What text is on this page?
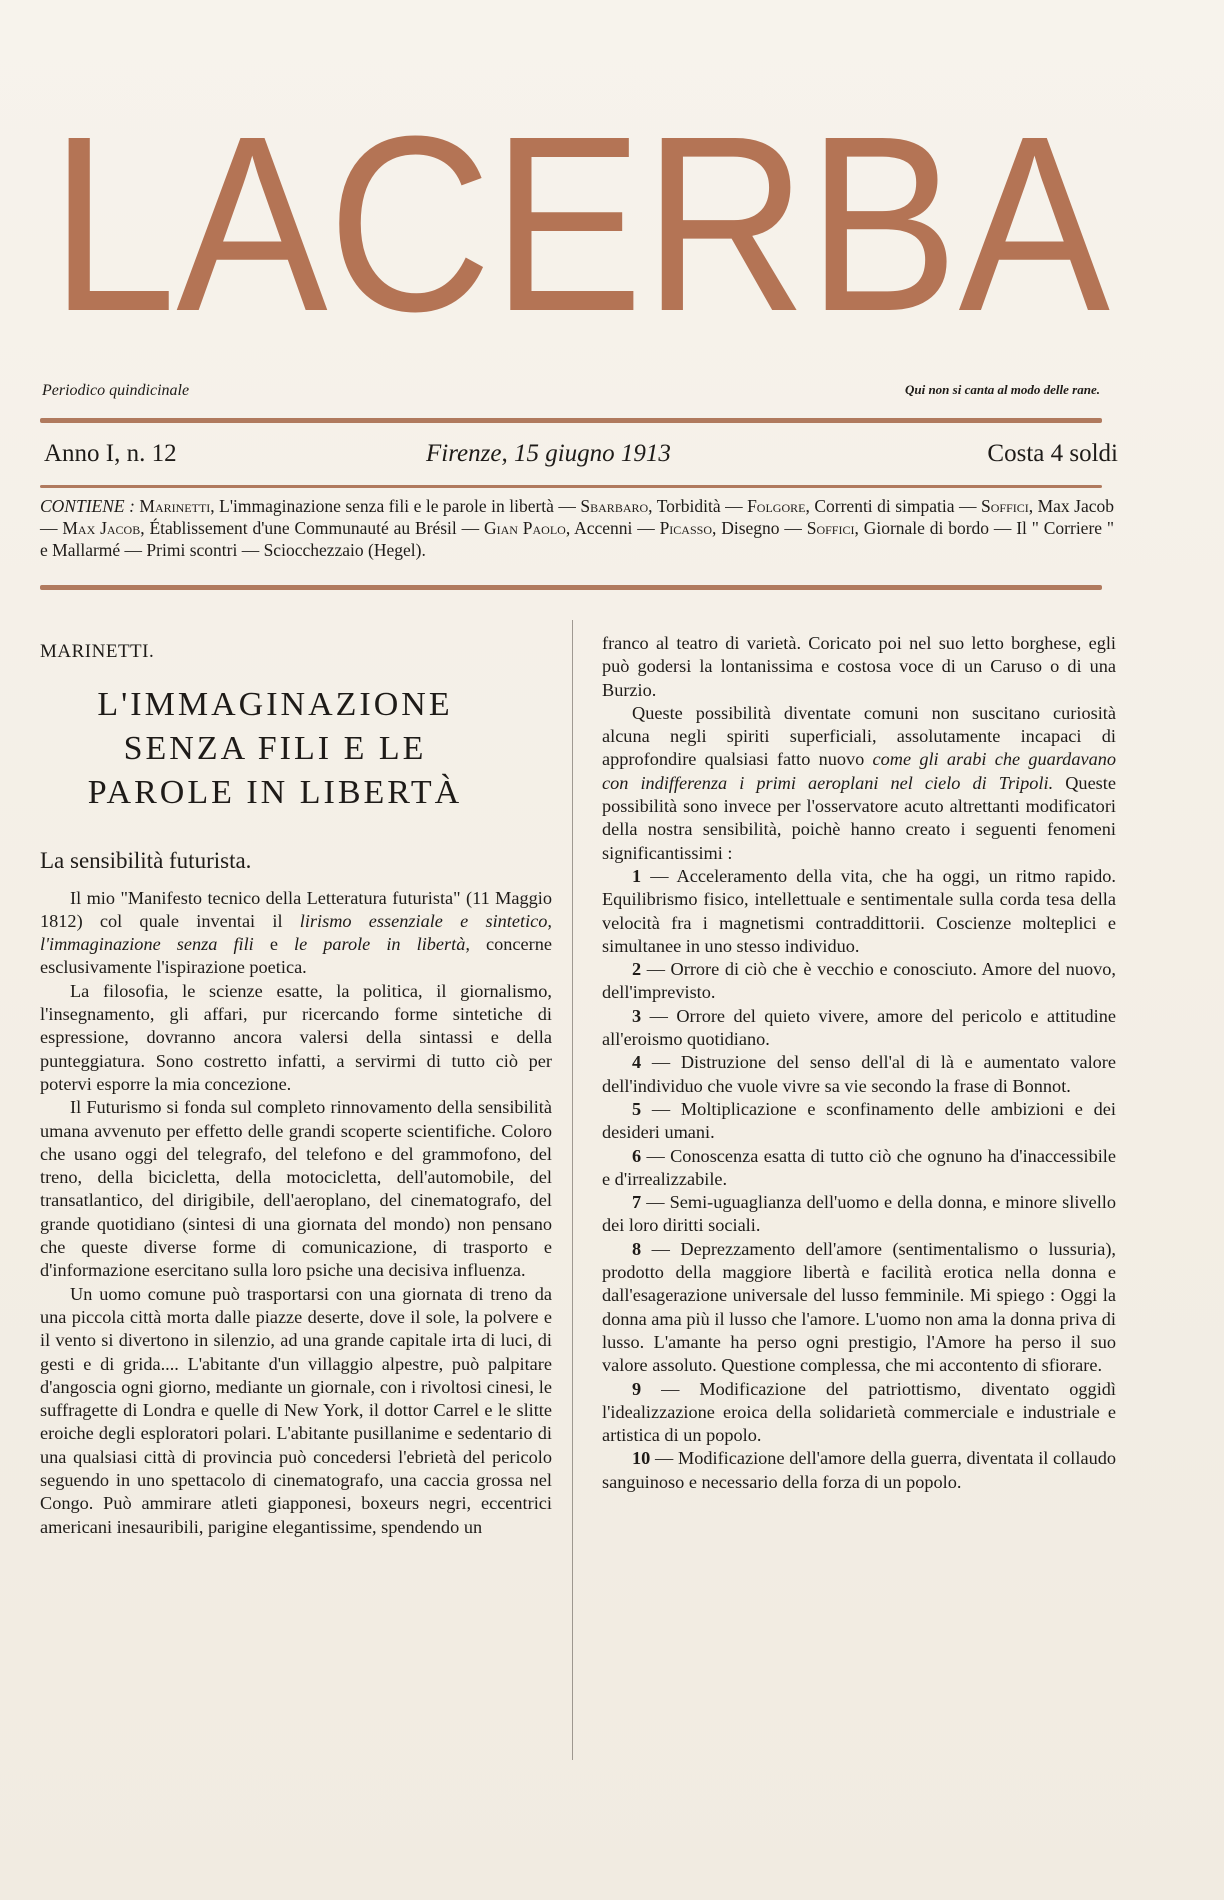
LACERBA
Periodico quindicinale	Qui non si canta al modo delle rane.
Anno I, n. 12	Firenze, 15 giugno 1913	Costa 4 soldi
CONTIENE : Marinetti, L'immaginazione senza fili e le parole in libertà — Sbarbaro, Torbidità — Folgore, Correnti di simpatia — Soffici, Max Jacob — Max Jacob, Établissement d'une Communauté au Brésil — Gian Paolo, Accenni — Picasso, Disegno — Soffici, Giornale di bordo — Il " Corriere " e Mallarmé — Primi scontri — Sciocchezzaio (Hegel).
MARINETTI.
L'IMMAGINAZIONE
SENZA FILI E LE
PAROLE IN LIBERTÀ
La sensibilità futurista.

Il mio "Manifesto tecnico della Letteratura futurista" (11 Maggio 1812) col quale inventai il lirismo essenziale e sintetico, l'immaginazione senza fili e le parole in libertà, concerne esclusivamente l'ispirazione poetica.

La filosofia, le scienze esatte, la politica, il giornalismo, l'insegnamento, gli affari, pur ricercando forme sintetiche di espressione, dovranno ancora valersi della sintassi e della punteggiatura. Sono costretto infatti, a servirmi di tutto ciò per potervi esporre la mia concezione.

Il Futurismo si fonda sul completo rinnovamento della sensibilità umana avvenuto per effetto delle grandi scoperte scientifiche. Coloro che usano oggi del telegrafo, del telefono e del grammofono, del treno, della bicicletta, della motocicletta, dell'automobile, del transatlantico, del dirigibile, dell'aeroplano, del cinematografo, del grande quotidiano (sintesi di una giornata del mondo) non pensano che queste diverse forme di comunicazione, di trasporto e d'informazione esercitano sulla loro psiche una decisiva influenza.

Un uomo comune può trasportarsi con una giornata di treno da una piccola città morta dalle piazze deserte, dove il sole, la polvere e il vento si divertono in silenzio, ad una grande capitale irta di luci, di gesti e di grida.... L'abitante d'un villaggio alpestre, può palpitare d'angoscia ogni giorno, mediante un giornale, con i rivoltosi cinesi, le suffragette di Londra e quelle di New York, il dottor Carrel e le slitte eroiche degli esploratori polari. L'abitante pusillanime e sedentario di una qualsiasi città di provincia può concedersi l'ebrietà del pericolo seguendo in uno spettacolo di cinematografo, una caccia grossa nel Congo. Può ammirare atleti giapponesi, boxeurs negri, eccentrici americani inesauribili, parigine elegantissime, spendendo un

franco al teatro di varietà. Coricato poi nel suo letto borghese, egli può godersi la lontanissima e costosa voce di un Caruso o di una Burzio.

Queste possibilità diventate comuni non suscitano curiosità alcuna negli spiriti superficiali, assolutamente incapaci di approfondire qualsiasi fatto nuovo come gli arabi che guardavano con indifferenza i primi aeroplani nel cielo di Tripoli. Queste possibilità sono invece per l'osservatore acuto altrettanti modificatori della nostra sensibilità, poichè hanno creato i seguenti fenomeni significantissimi :

1 — Acceleramento della vita, che ha oggi, un ritmo rapido. Equilibrismo fisico, intellettuale e sentimentale sulla corda tesa della velocità fra i magnetismi contraddittorii. Coscienze molteplici e simultanee in uno stesso individuo.

2 — Orrore di ciò che è vecchio e conosciuto. Amore del nuovo, dell'imprevisto.

3 — Orrore del quieto vivere, amore del pericolo e attitudine all'eroismo quotidiano.

4 — Distruzione del senso dell'al di là e aumentato valore dell'individuo che vuole vivre sa vie secondo la frase di Bonnot.

5 — Moltiplicazione e sconfinamento delle ambizioni e dei desideri umani.

6 — Conoscenza esatta di tutto ciò che ognuno ha d'inaccessibile e d'irrealizzabile.

7 — Semi-uguaglianza dell'uomo e della donna, e minore slivello dei loro diritti sociali.

8 — Deprezzamento dell'amore (sentimentalismo o lussuria), prodotto della maggiore libertà e facilità erotica nella donna e dall'esagerazione universale del lusso femminile. Mi spiego : Oggi la donna ama più il lusso che l'amore. L'uomo non ama la donna priva di lusso. L'amante ha perso ogni prestigio, l'Amore ha perso il suo valore assoluto. Questione complessa, che mi accontento di sfiorare.

9 — Modificazione del patriottismo, diventato oggidì l'idealizzazione eroica della solidarietà commerciale e industriale e artistica di un popolo.

10 — Modificazione dell'amore della guerra, diventata il collaudo sanguinoso e necessario della forza di un popolo.
